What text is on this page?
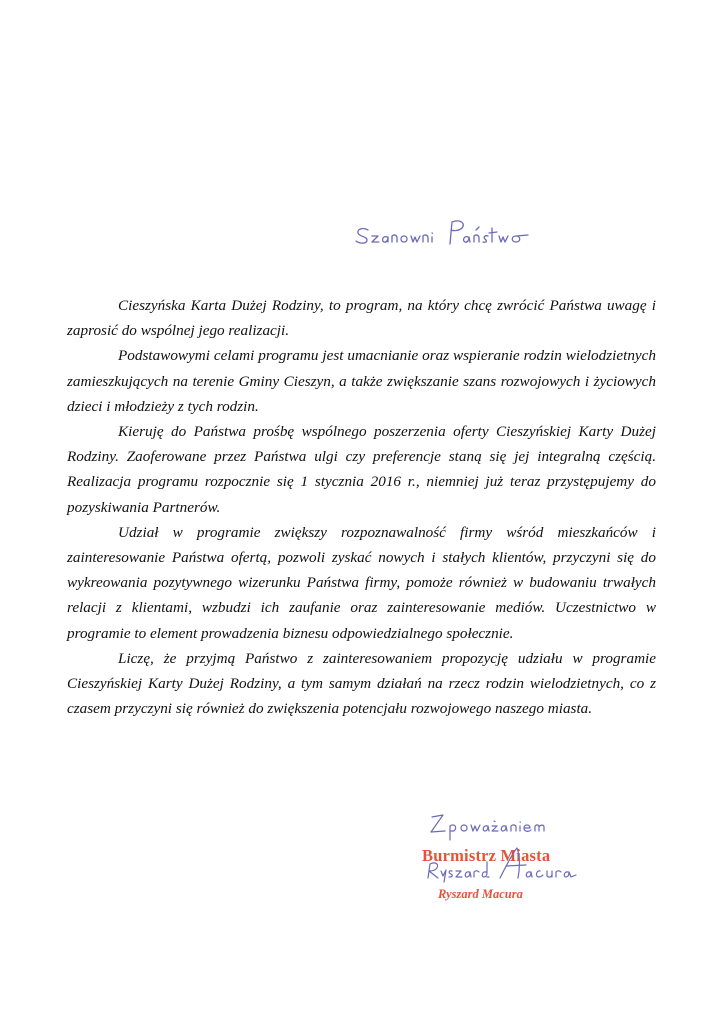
Cieszyńska Karta Dużej Rodziny, to program, na który chcę zwrócić Państwa uwagę i zaprosić do wspólnej jego realizacji.

Podstawowymi celami programu jest umacnianie oraz wspieranie rodzin wielodzietnych zamieszkujących na terenie Gminy Cieszyn, a także zwiększanie szans rozwojowych i życiowych dzieci i młodzieży z tych rodzin.

Kieruję do Państwa prośbę wspólnego poszerzenia oferty Cieszyńskiej Karty Dużej Rodziny. Zaoferowane przez Państwa ulgi czy preferencje staną się jej integralną częścią. Realizacja programu rozpocznie się 1 stycznia 2016 r., niemniej już teraz przystępujemy do pozyskiwania Partnerów.

Udział w programie zwiększy rozpoznawalność firmy wśród mieszkańców i zainteresowanie Państwa ofertą, pozwoli zyskać nowych i stałych klientów, przyczyni się do wykreowania pozytywnego wizerunku Państwa firmy, pomoże również w budowaniu trwałych relacji z klientami, wzbudzi ich zaufanie oraz zainteresowanie mediów. Uczestnictwo w programie to element prowadzenia biznesu odpowiedzialnego społecznie.

Liczę, że przyjmą Państwo z zainteresowaniem propozycję udziału w programie Cieszyńskiej Karty Dużej Rodziny, a tym samym działań na rzecz rodzin wielodzietnych, co z czasem przyczyni się również do zwiększenia potencjału rozwojowego naszego miasta.

Burmistrz Miasta
Ryszard Macura
